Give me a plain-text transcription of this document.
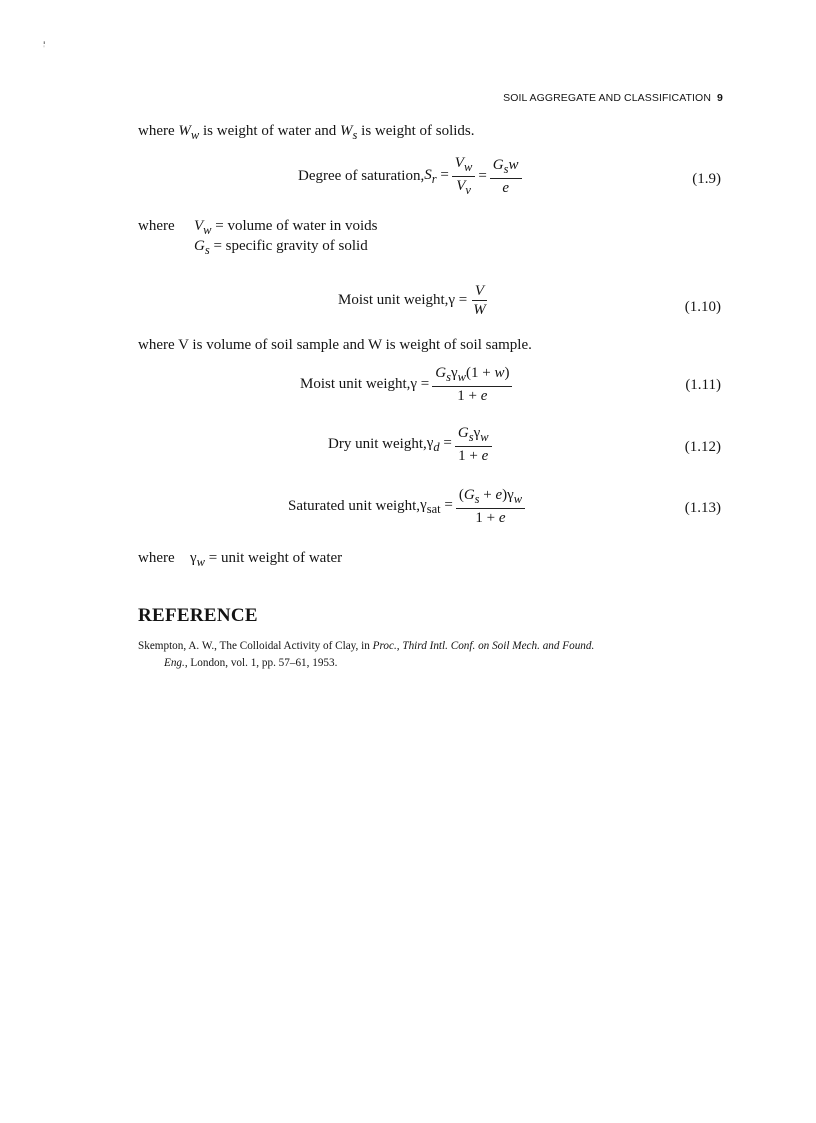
SOIL AGGREGATE AND CLASSIFICATION 9
where $W_w$ is weight of water and $W_s$ is weight of solids.
Degree of saturation, $S_r = \frac{V_w}{V_v} = \frac{G_sw}{e}$	(1.9)
where	$V_w$ = volume of water in voids
$G_s$ = specific gravity of solid
Moist unit weight, $\gamma = \frac{V}{W}$	(1.10)
where V is volume of soil sample and W is weight of soil sample.
Moist unit weight, $\gamma = \frac{G_s\gamma_w(1 + w)}{1 + e}$	(1.11)
Dry unit weight, $\gamma_d = \frac{G_s\gamma_w}{1 + e}$	(1.12)
Saturated unit weight, $\gamma_{sat} = \frac{(G_s + e)\gamma_w}{1 + e}$	(1.13)
where	$\gamma_w$ = unit weight of water
REFERENCE
Skempton, A. W., The Colloidal Activity of Clay, in Proc., Third Intl. Conf. on Soil Mech. and Found.
Eng., London, vol. 1, pp. 57–61, 1953.
